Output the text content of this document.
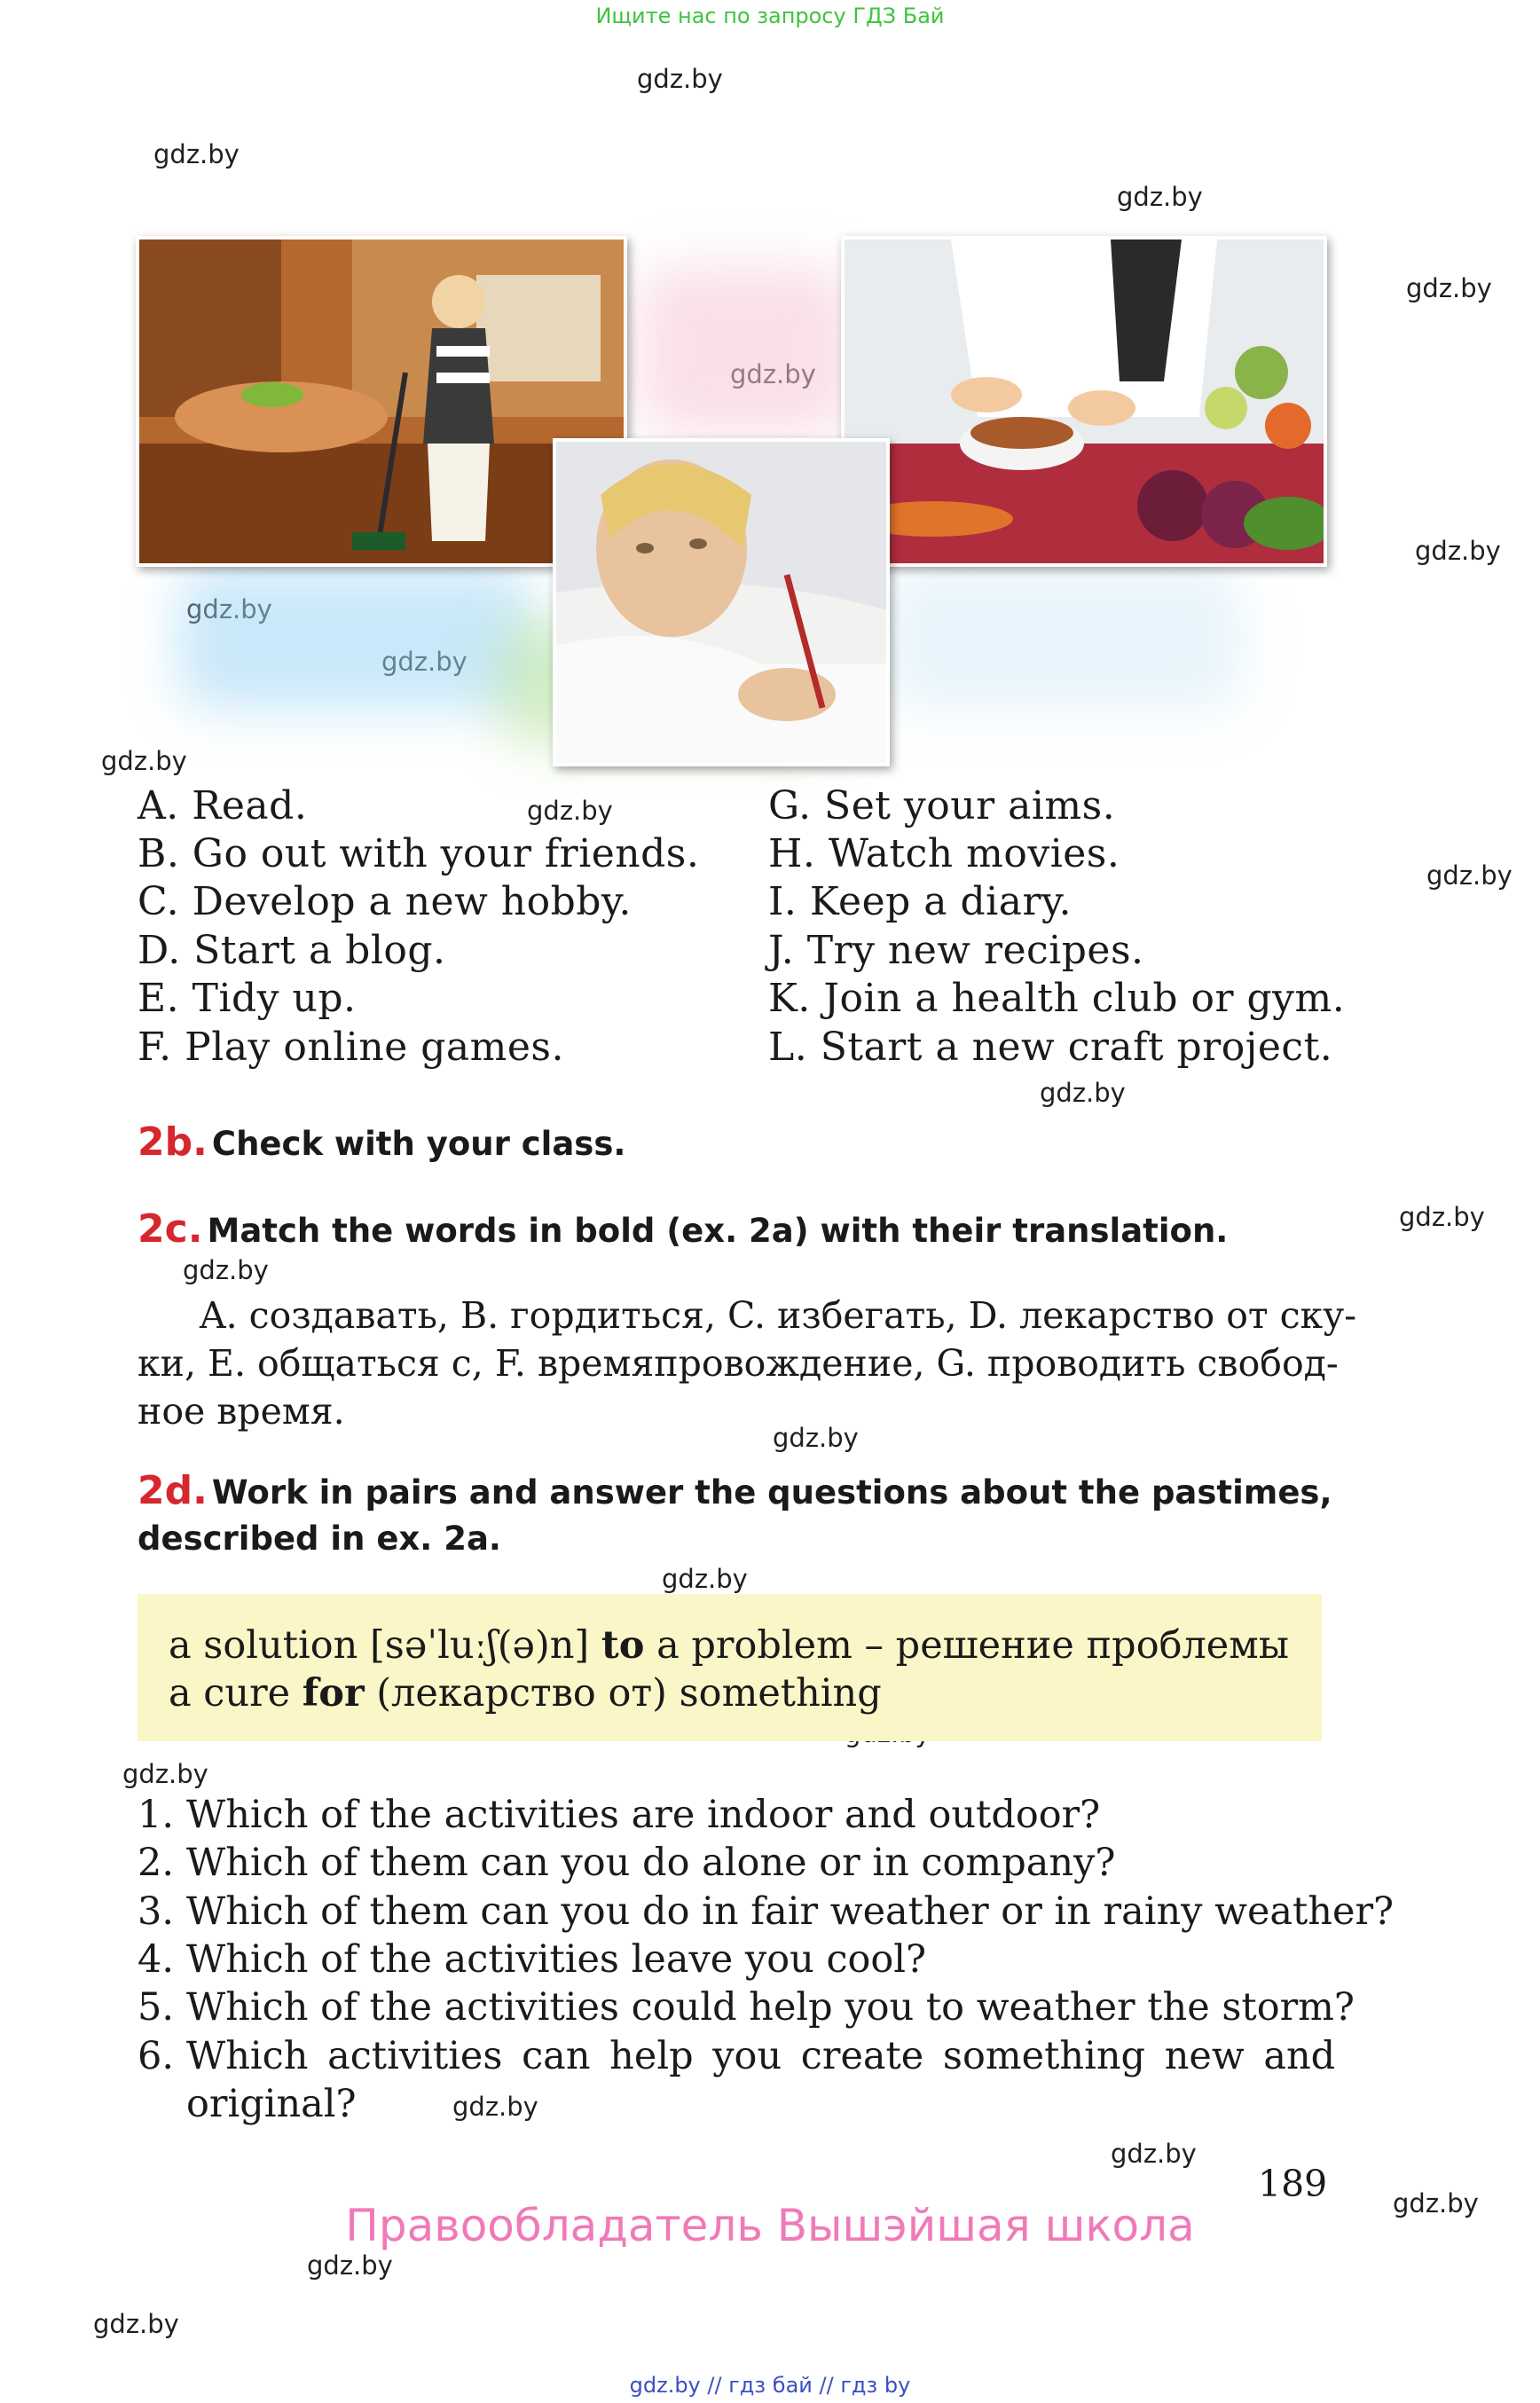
Ищите нас по запросу ГДЗ Бай
gdz.by
gdz.by
gdz.by
gdz.by
gdz.by
gdz.by
gdz.by
gdz.by
gdz.by
gdz.by
gdz.by
gdz.by
gdz.by
gdz.by
gdz.by
gdz.by
gdz.by
gdz.by
gdz.by
A. Read.
B. Go out with your friends.
C. Develop a new hobby.
D. Start a blog.
E. Tidy up.
F. Play online games.
G. Set your aims.
H. Watch movies.
I. Keep a diary.
J. Try new recipes.
K. Join a health club or gym.
L. Start a new craft project.
2b. Check with your class.
2c. Match the words in bold (ex. 2a) with their translation.
A. создавать, B. гордиться, C. избегать, D. лекарство от ску-
ки, E. общаться с, F. времяпровождение, G. проводить свобод-
ное время.
2d. Work in pairs and answer the questions about the pastimes,
described in ex. 2a.
a solution [səˈluːʃ(ə)n] to a problem – решение проблемы
a cure for (лекарство от) something
1. Which of the activities are indoor and outdoor?
2. Which of them can you do alone or in company?
3. Which of them can you do in fair weather or in rainy weather?
4. Which of the activities leave you cool?
5. Which of the activities could help you to weather the storm?
6. Which activities can help you create something new and
original?
189
Правообладатель Вышэйшая школа
gdz.by // гдз бай // гдз by
